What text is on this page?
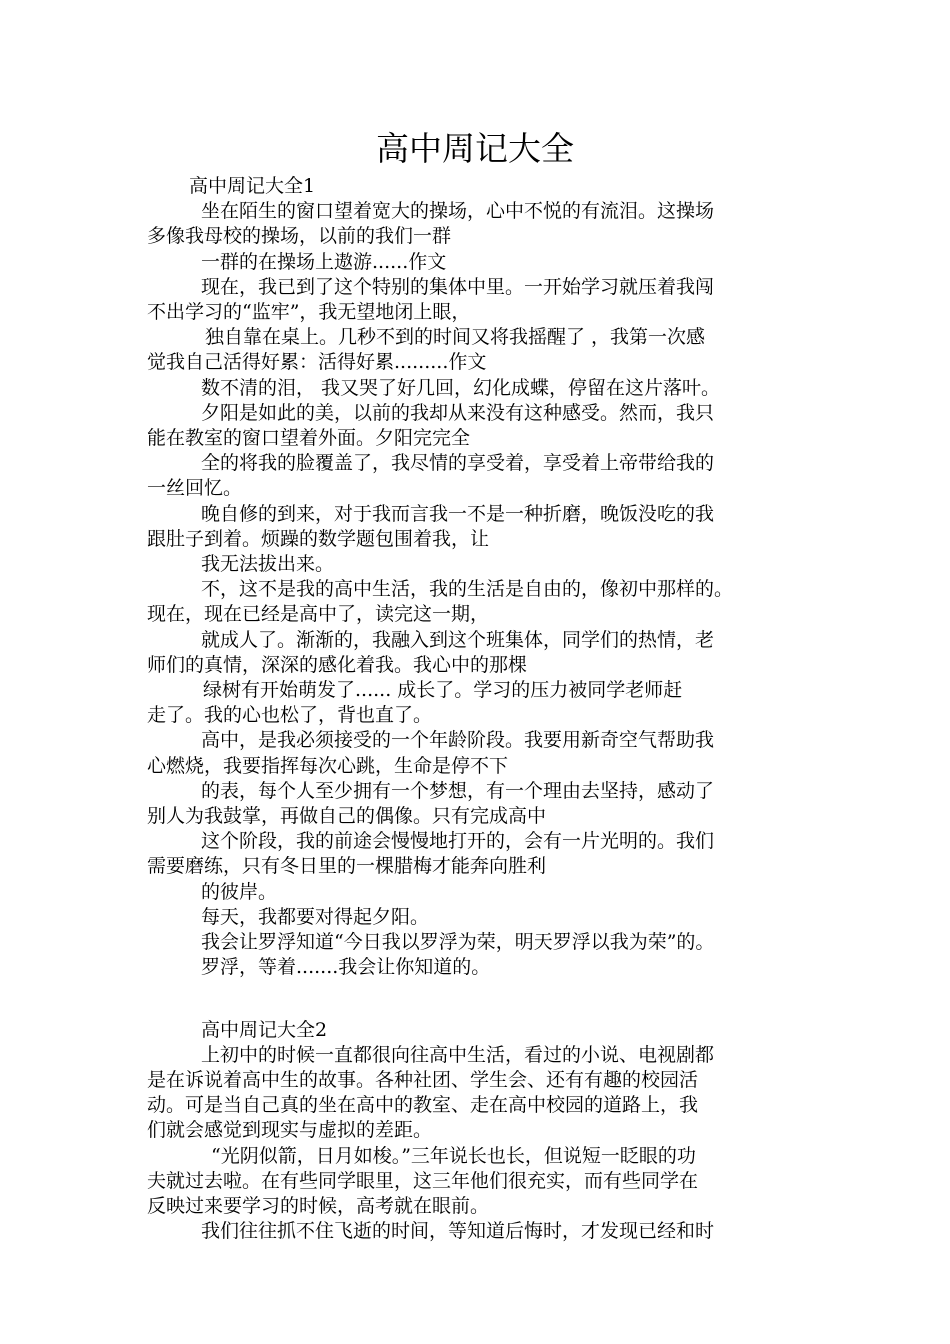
高中周记大全
高中周记大全1
坐在陌生的窗口望着宽大的操场，心中不悦的有流泪。这操场
多像我母校的操场，以前的我们一群
一群的在操场上遨游......作文
现在，我已到了这个特别的集体中里。一开始学习就压着我闯
不出学习的“监牢”，我无望地闭上眼，
独自靠在桌上。几秒不到的时间又将我摇醒了 ，我第一次感
觉我自己活得好累：活得好累.........作文
数不清的泪， 我又哭了好几回，幻化成蝶，停留在这片落叶。
夕阳是如此的美，以前的我却从来没有这种感受。然而，我只
能在教室的窗口望着外面。夕阳完完全
全的将我的脸覆盖了，我尽情的享受着，享受着上帝带给我的
一丝回忆。
晚自修的到来，对于我而言我一不是一种折磨，晚饭没吃的我
跟肚子到着。烦躁的数学题包围着我，让
我无法拔出来。
不，这不是我的高中生活，我的生活是自由的，像初中那样的。
现在，现在已经是高中了，读完这一期，
就成人了。渐渐的，我融入到这个班集体，同学们的热情，老
师们的真情，深深的感化着我。我心中的那棵
绿树有开始萌发了...... 成长了。学习的压力被同学老师赶
走了。我的心也松了，背也直了。
高中，是我必须接受的一个年龄阶段。我要用新奇空气帮助我
心燃烧，我要指挥每次心跳，生命是停不下
的表，每个人至少拥有一个梦想，有一个理由去坚持，感动了
别人为我鼓掌，再做自己的偶像。只有完成高中
这个阶段，我的前途会慢慢地打开的，会有一片光明的。我们
需要磨练，只有冬日里的一棵腊梅才能奔向胜利
的彼岸。
每天，我都要对得起夕阳。
我会让罗浮知道“今日我以罗浮为荣，明天罗浮以我为荣”的。
罗浮，等着.......我会让你知道的。
高中周记大全2
上初中的时候一直都很向往高中生活，看过的小说、电视剧都
是在诉说着高中生的故事。各种社团、学生会、还有有趣的校园活
动。可是当自己真的坐在高中的教室、走在高中校园的道路上，我
们就会感觉到现实与虚拟的差距。
“光阴似箭，日月如梭。”三年说长也长，但说短一眨眼的功
夫就过去啦。在有些同学眼里，这三年他们很充实，而有些同学在
反映过来要学习的时候，高考就在眼前。
我们往往抓不住飞逝的时间，等知道后悔时，才发现已经和时
